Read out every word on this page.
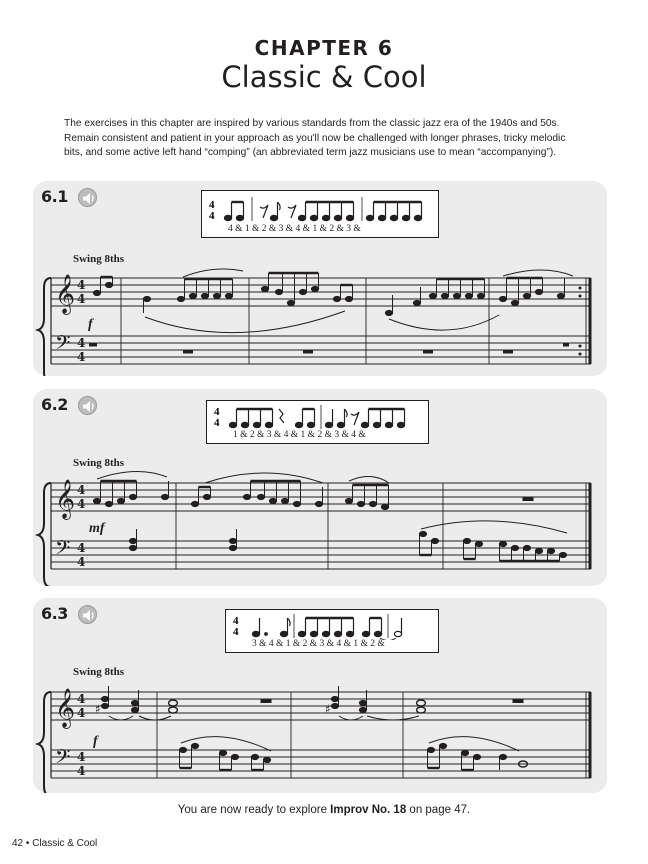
CHAPTER 6
Classic & Cool

The exercises in this chapter are inspired by various standards from the classic jazz era of the 1940s and 50s. Remain consistent and patient in your approach as you'll now be challenged with longer phrases, tricky melodic bits, and some active left hand “comping” (an abbreviated term jazz musicians use to mean “accompanying”).

6.1	4
4
4 & 1 & 2 & 3 & 4 & 1 & 2 & 3 &
Swing 8ths
𝄞
𝄢
4
4
4
4
f
6.2	4
4
1 & 2 & 3 & 4 & 1 & 2 & 3 & 4 &
Swing 8ths
𝄞
𝄢
4
4
4
4
mf
6.3	4
4
3 & 4 & 1 & 2 & 3 & 4 & 1 & 2 &
Swing 8ths
𝄞
𝄢
4
4
4
4
♯	♯
f
You are now ready to explore Improv No. 18 on page 47.
42 • Classic & Cool
